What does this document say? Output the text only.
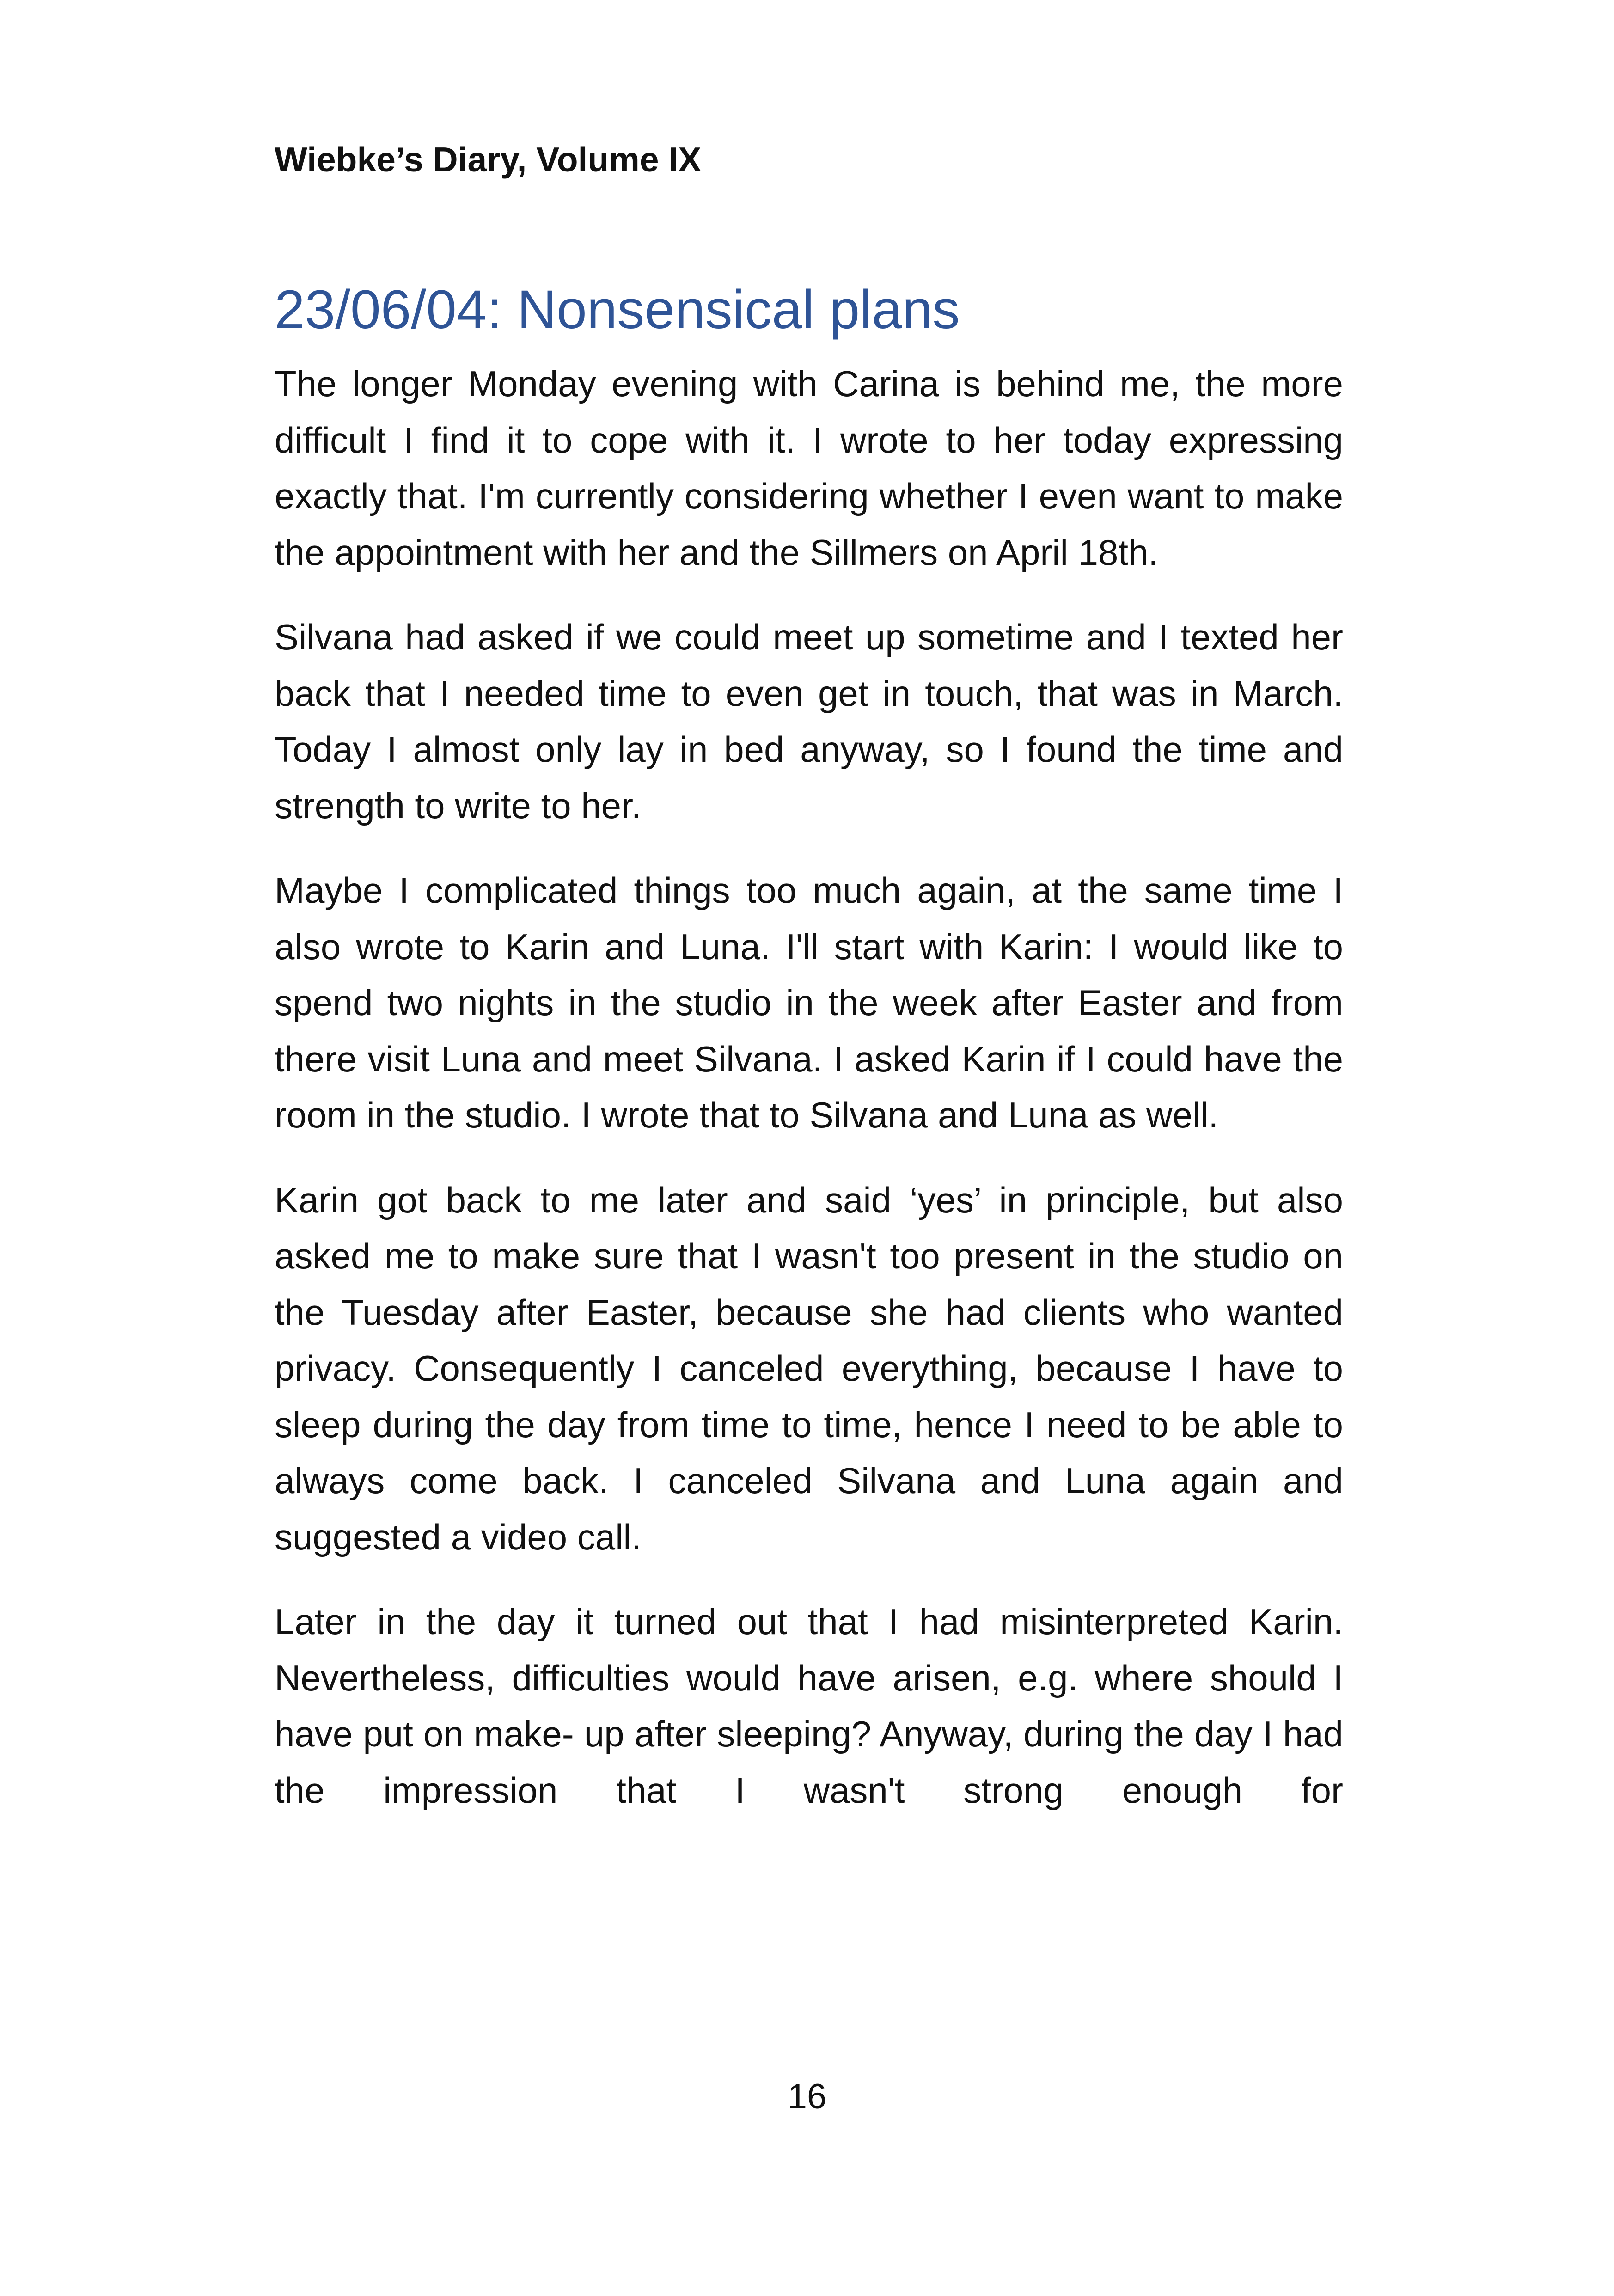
Wiebke’s Diary, Volume IX
23/06/04: Nonsensical plans

The longer Monday evening with Carina is behind me, the more difficult I find it to cope with it. I wrote to her today expressing exactly that. I'm currently considering whether I even want to make the appointment with her and the Sillmers on April 18th.

Silvana had asked if we could meet up sometime and I texted her back that I needed time to even get in touch, that was in March. Today I almost only lay in bed anyway, so I found the time and strength to write to her.

Maybe I complicated things too much again, at the same time I also wrote to Karin and Luna. I'll start with Karin: I would like to spend two nights in the studio in the week after Easter and from there visit Luna and meet Silvana. I asked Karin if I could have the room in the studio. I wrote that to Silvana and Luna as well.

Karin got back to me later and said ‘yes’ in principle, but also asked me to make sure that I wasn't too present in the studio on the Tuesday after Easter, because she had clients who wanted privacy. Consequently I canceled everything, because I have to sleep during the day from time to time, hence I need to be able to always come back. I canceled Silvana and Luna again and suggested a video call.

Later in the day it turned out that I had misinterpreted Karin. Nevertheless, difficulties would have arisen, e.g. where should I have put on make- up after sleeping? Anyway, during the day I had the impression that I wasn't strong enough for

16
